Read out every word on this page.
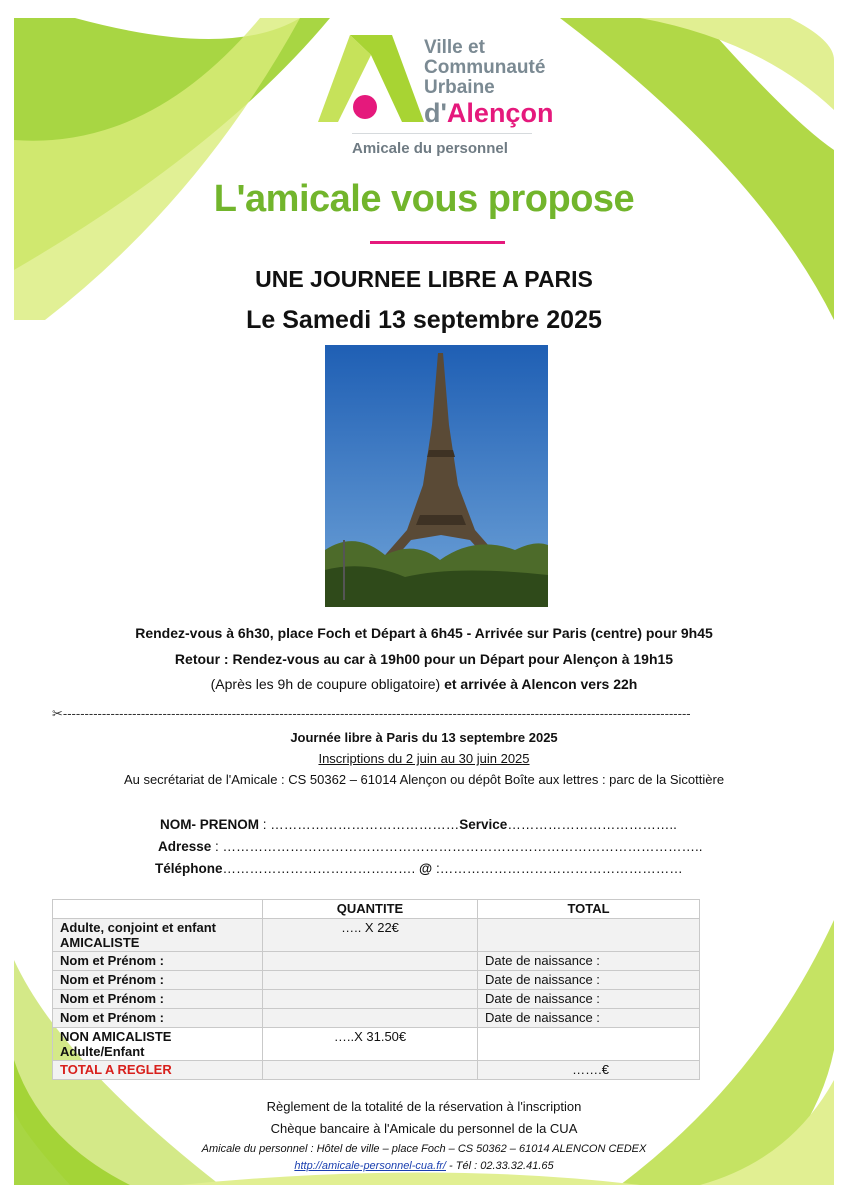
Ville et
Communauté
Urbaine
d'Alençon
Amicale du personnel
L'amicale vous propose
UNE JOURNEE LIBRE A PARIS
Le Samedi 13 septembre 2025
Rendez-vous à 6h30, place Foch et Départ à 6h45 - Arrivée sur Paris (centre) pour 9h45
Retour : Rendez-vous au car à 19h00 pour un Départ pour Alençon à 19h15
(Après les 9h de coupure obligatoire) et arrivée à Alencon vers 22h
✂-------------------------------------------------------------------------------------------------------------------------------------------------
Journée libre à Paris du 13 septembre 2025
Inscriptions du 2 juin au 30 juin 2025
Au secrétariat de l'Amicale : CS 50362 – 61014 Alençon ou dépôt Boîte aux lettres : parc de la Sicottière
NOM- PRENOM : ……………………………………Service………………………………..
Adresse : ……………………………………………………………………………………………..
Téléphone……………………………………. @ :………………………………………………
	QUANTITE	TOTAL

Adulte, conjoint et enfant
AMICALISTE	….. X 22€	
Nom et Prénom :		Date de naissance :
Nom et Prénom :		Date de naissance :
Nom et Prénom :		Date de naissance :
Nom et Prénom :		Date de naissance :

NON AMICALISTE
Adulte/Enfant	…..X 31.50€	
TOTAL A REGLER		…….€
Règlement de la totalité de la réservation à l'inscription
Chèque bancaire à l'Amicale du personnel de la CUA
Amicale du personnel : Hôtel de ville – place Foch – CS 50362 – 61014 ALENCON CEDEX
http://amicale-personnel-cua.fr/ - Tél : 02.33.32.41.65
